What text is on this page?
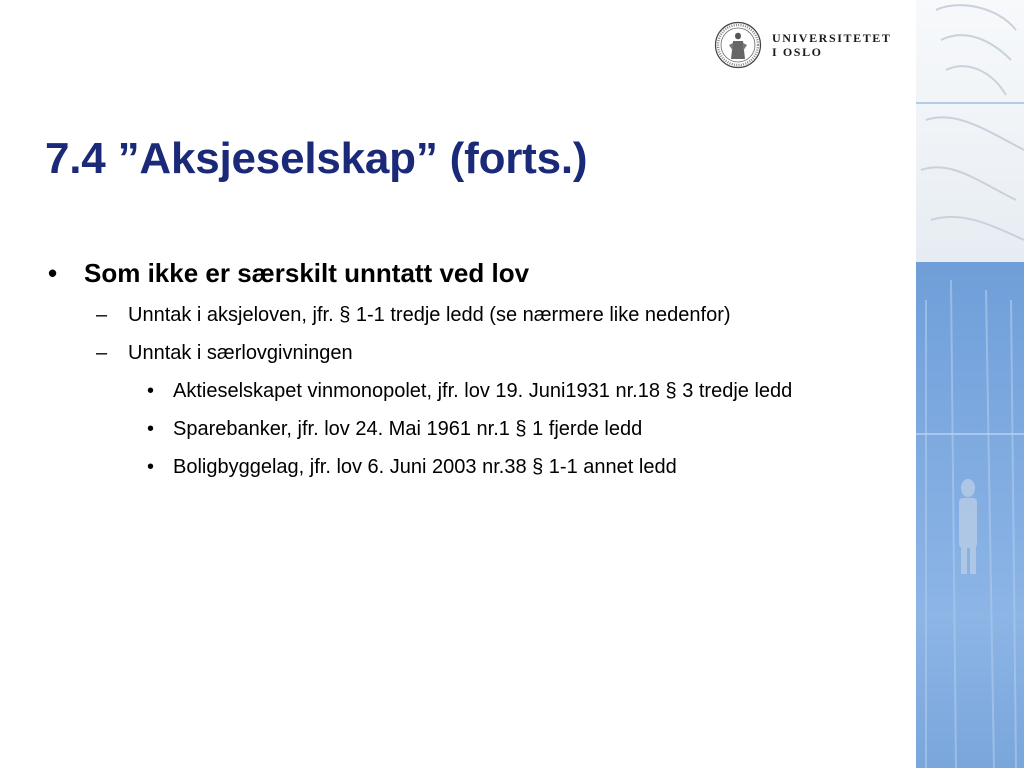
UNIVERSITETET
I OSLO
7.4 ”Aksjeselskap” (forts.)
• Som ikke er særskilt unntatt ved lov
– Unntak i aksjeloven, jfr. § 1-1 tredje ledd (se nærmere like nedenfor)
– Unntak i særlovgivningen
• Aktieselskapet vinmonopolet, jfr. lov 19. Juni1931 nr.18 § 3 tredje ledd
• Sparebanker, jfr. lov 24. Mai 1961 nr.1 § 1 fjerde ledd
• Boligbyggelag, jfr. lov 6. Juni 2003 nr.38 § 1-1 annet ledd
